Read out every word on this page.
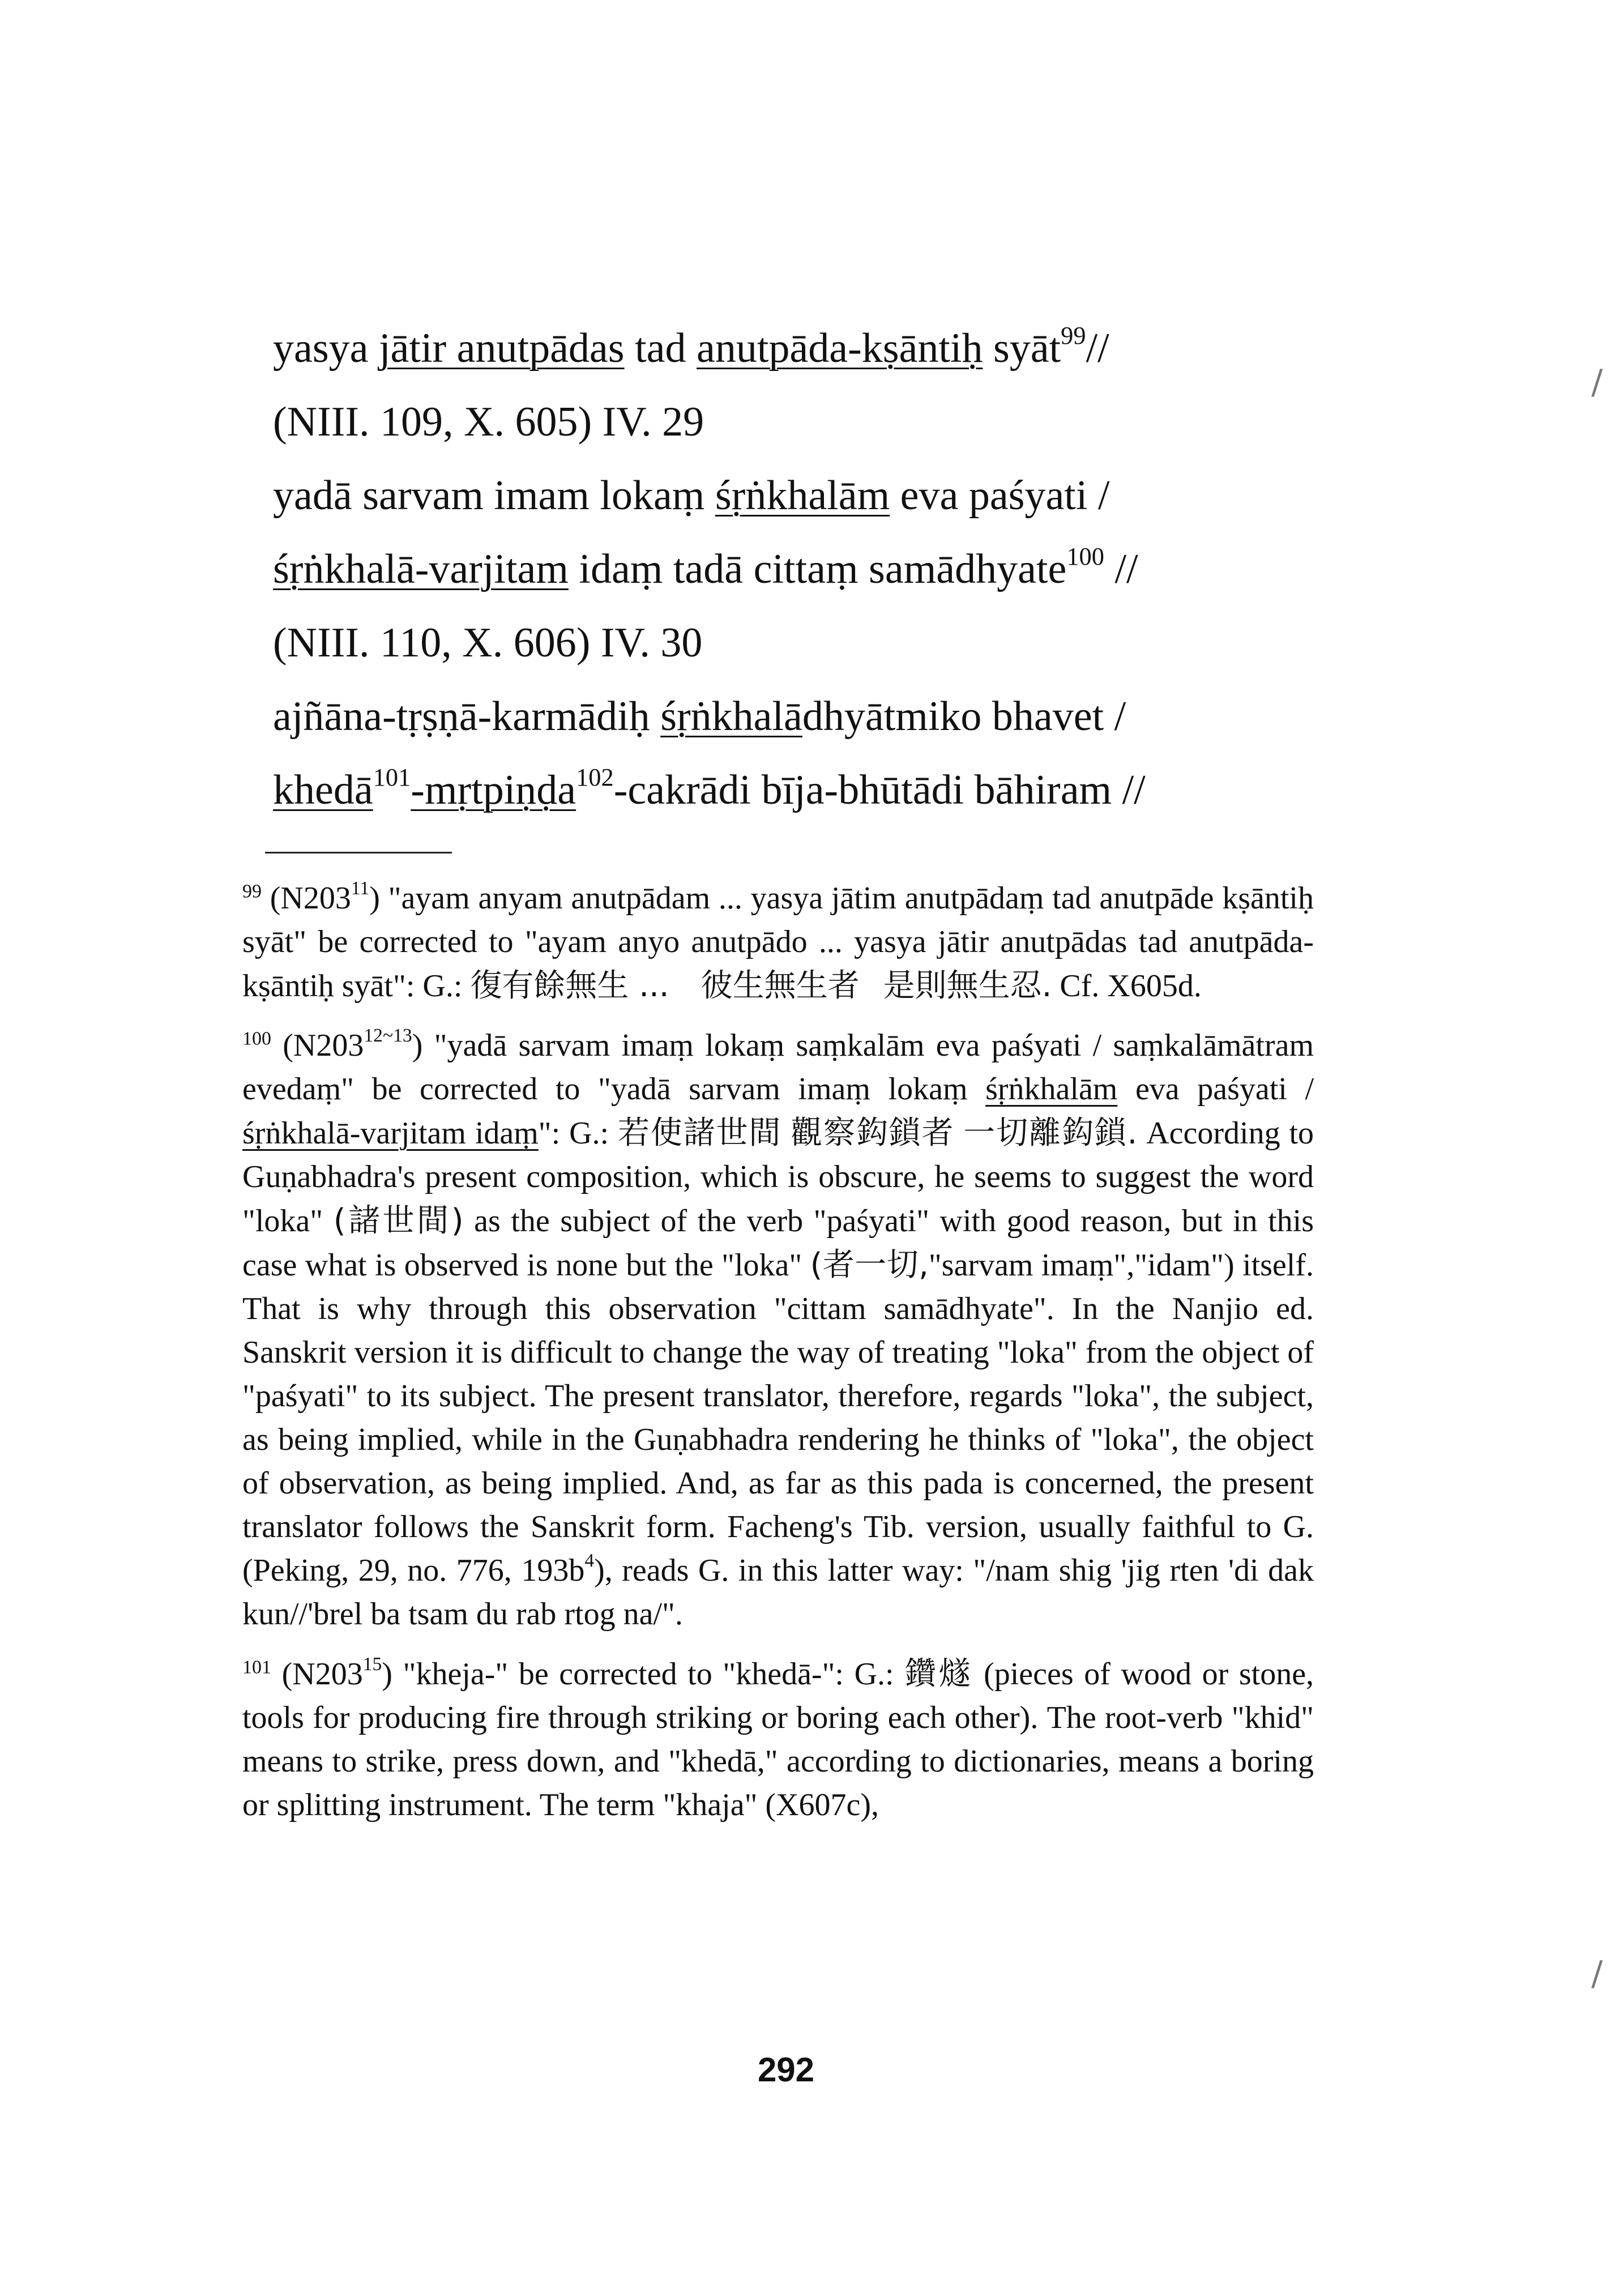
yasya jātir anutpādas tad anutpāda-kṣāntiḥ syāt$^{99}$//
(NIII. 109, X. 605) IV. 29
yadā sarvam imam lokaṃ śṛṅkhalām eva paśyati /
śṛṅkhalā-varjitam idaṃ tadā cittaṃ samādhyate$^{100}$ //
(NIII. 110, X. 606) IV. 30
ajñāna-tṛṣṇā-karmādiḥ śṛṅkhalādhyātmiko bhavet /
khedā$^{101}$-mṛtpiṇḍa$^{102}$-cakrādi bīja-bhūtādi bāhiram //

$^{99}$ $(N203^{11})$ "ayam anyam anutpādam ... yasya jātim anutpādaṃ tad anutpāde kṣāntiḥ syāt" be corrected to "ayam anyo anutpādo ... yasya jātir anutpādas tad anutpāda-kṣāntiḥ syāt": G.: 復有餘無生 ... 彼生無生者 是則無生忍. Cf. X605d.

$^{100}$ $(N203^{12\sim 13})$ "yadā sarvam imaṃ lokaṃ saṃkalām eva paśyati / saṃkalāmātram evedaṃ" be corrected to "yadā sarvam imaṃ lokaṃ śṛṅkhalām eva paśyati / śṛṅkhalā-varjitam idaṃ": G.: 若使諸世間 觀察鈎鎖者 一切離鈎鎖. According to Guṇabhadra's present composition, which is obscure, he seems to suggest the word "loka" (諸世間) as the subject of the verb "paśyati" with good reason, but in this case what is observed is none but the "loka" (者一切,"sarvam imaṃ","idam") itself. That is why through this observation "cittam samādhyate". In the Nanjio ed. Sanskrit version it is difficult to change the way of treating "loka" from the object of "paśyati" to its subject. The present translator, therefore, regards "loka", the subject, as being implied, while in the Guṇabhadra rendering he thinks of "loka", the object of observation, as being implied. And, as far as this pada is concerned, the present translator follows the Sanskrit form. Facheng's Tib. version, usually faithful to G. (Peking, 29, no. 776, $193b^4$), reads G. in this latter way: "/nam shig 'jig rten 'di dak kun//'brel ba tsam du rab rtog na/".

$^{101}$ $(N203^{15})$ "kheja-" be corrected to "khedā-": G.: 鑽燧 (pieces of wood or stone, tools for producing fire through striking or boring each other). The root-verb "khid" means to strike, press down, and "khedā," according to dictionaries, means a boring or splitting instrument. The term "khaja" (X607c),

292
/
/
